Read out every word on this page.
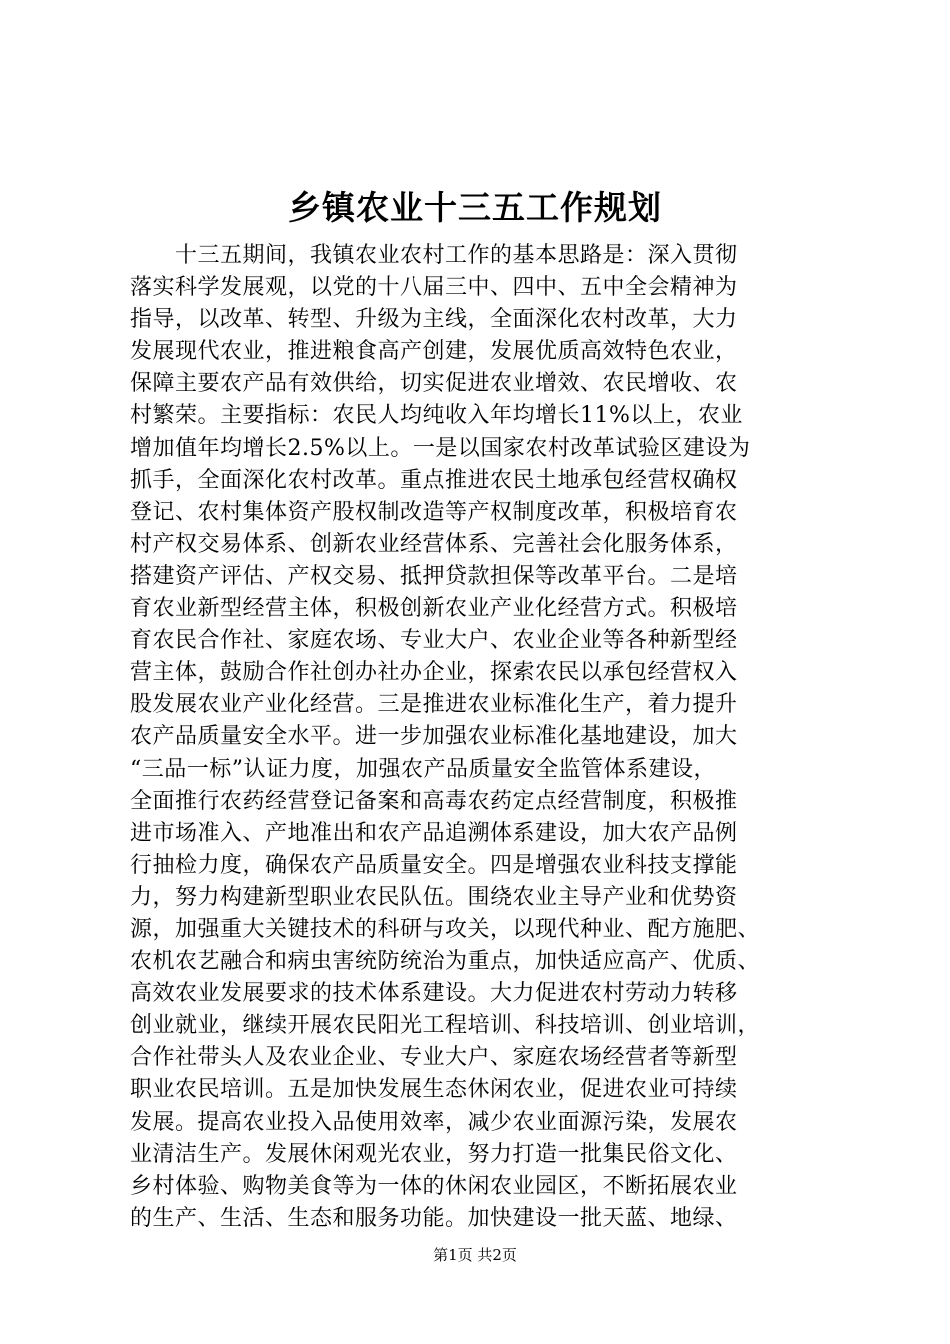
乡镇农业十三五工作规划
　　十三五期间，我镇农业农村工作的基本思路是：深入贯彻
落实科学发展观，以党的十八届三中、四中、五中全会精神为
指导，以改革、转型、升级为主线，全面深化农村改革，大力
发展现代农业，推进粮食高产创建，发展优质高效特色农业，
保障主要农产品有效供给，切实促进农业增效、农民增收、农
村繁荣。主要指标：农民人均纯收入年均增长11%以上，农业
增加值年均增长2.5%以上。一是以国家农村改革试验区建设为
抓手，全面深化农村改革。重点推进农民土地承包经营权确权
登记、农村集体资产股权制改造等产权制度改革，积极培育农
村产权交易体系、创新农业经营体系、完善社会化服务体系，
搭建资产评估、产权交易、抵押贷款担保等改革平台。二是培
育农业新型经营主体，积极创新农业产业化经营方式。积极培
育农民合作社、家庭农场、专业大户、农业企业等各种新型经
营主体，鼓励合作社创办社办企业，探索农民以承包经营权入
股发展农业产业化经营。三是推进农业标准化生产，着力提升
农产品质量安全水平。进一步加强农业标准化基地建设，加大
“三品一标”认证力度，加强农产品质量安全监管体系建设，
全面推行农药经营登记备案和高毒农药定点经营制度，积极推
进市场准入、产地准出和农产品追溯体系建设，加大农产品例
行抽检力度，确保农产品质量安全。四是增强农业科技支撑能
力，努力构建新型职业农民队伍。围绕农业主导产业和优势资
源，加强重大关键技术的科研与攻关，以现代种业、配方施肥、
农机农艺融合和病虫害统防统治为重点，加快适应高产、优质、
高效农业发展要求的技术体系建设。大力促进农村劳动力转移
创业就业，继续开展农民阳光工程培训、科技培训、创业培训，
合作社带头人及农业企业、专业大户、家庭农场经营者等新型
职业农民培训。五是加快发展生态休闲农业，促进农业可持续
发展。提高农业投入品使用效率，减少农业面源污染，发展农
业清洁生产。发展休闲观光农业，努力打造一批集民俗文化、
乡村体验、购物美食等为一体的休闲农业园区，不断拓展农业
的生产、生活、生态和服务功能。加快建设一批天蓝、地绿、
第1页 共2页
